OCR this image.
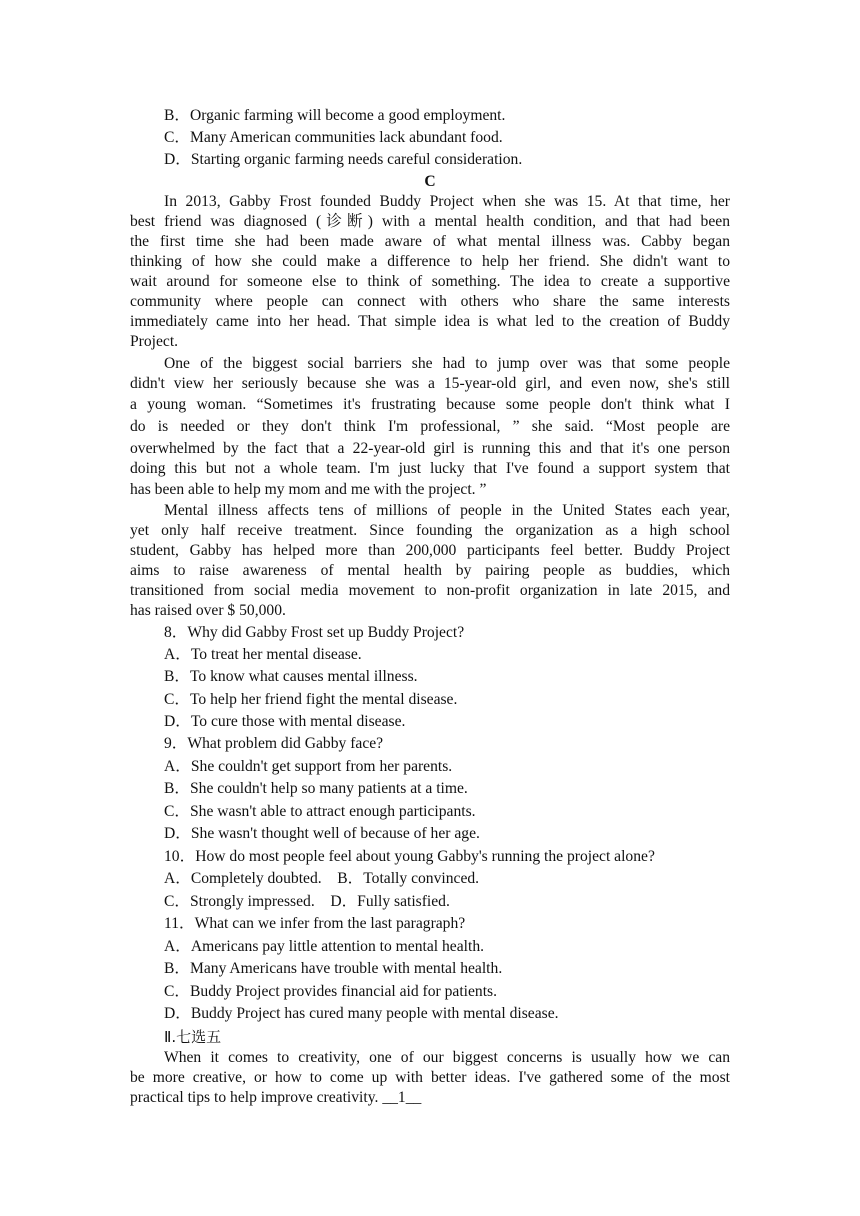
B．Organic farming will become a good employment.
C．Many American communities lack abundant food.
D．Starting organic farming needs careful consideration.
C
In 2013, Gabby Frost founded Buddy Project when she was 15. At that time, her
best friend was diagnosed (诊断) with a mental health condition, and that had been
the first time she had been made aware of what mental illness was. Cabby began
thinking of how she could make a difference to help her friend. She didn't want to
wait around for someone else to think of something. The idea to create a supportive
community where people can connect with others who share the same interests
immediately came into her head. That simple idea is what led to the creation of Buddy
Project.
One of the biggest social barriers she had to jump over was that some people
didn't view her seriously because she was a 15-year-old girl, and even now, she's still
a young woman. “Sometimes it's frustrating because some people don't think what I
do is needed or they don't think I'm professional, ” she said. “Most people are
overwhelmed by the fact that a 22-year-old girl is running this and that it's one person
doing this but not a whole team. I'm just lucky that I've found a support system that
has been able to help my mom and me with the project. ”
Mental illness affects tens of millions of people in the United States each year,
yet only half receive treatment. Since founding the organization as a high school
student, Gabby has helped more than 200,000 participants feel better. Buddy Project
aims to raise awareness of mental health by pairing people as buddies, which
transitioned from social media movement to non-profit organization in late 2015, and
has raised over $ 50,000.
8．Why did Gabby Frost set up Buddy Project?
A．To treat her mental disease.
B．To know what causes mental illness.
C．To help her friend fight the mental disease.
D．To cure those with mental disease.
9．What problem did Gabby face?
A．She couldn't get support from her parents.
B．She couldn't help so many patients at a time.
C．She wasn't able to attract enough participants.
D．She wasn't thought well of because of her age.
10．How do most people feel about young Gabby's running the project alone?
A．Completely doubted.　B．Totally convinced.
C．Strongly impressed.　D．Fully satisfied.
11．What can we infer from the last paragraph?
A．Americans pay little attention to mental health.
B．Many Americans have trouble with mental health.
C．Buddy Project provides financial aid for patients.
D．Buddy Project has cured many people with mental disease.
Ⅱ.七选五
When it comes to creativity, one of our biggest concerns is usually how we can
be more creative, or how to come up with better ideas. I've gathered some of the most
practical tips to help improve creativity. __1__
